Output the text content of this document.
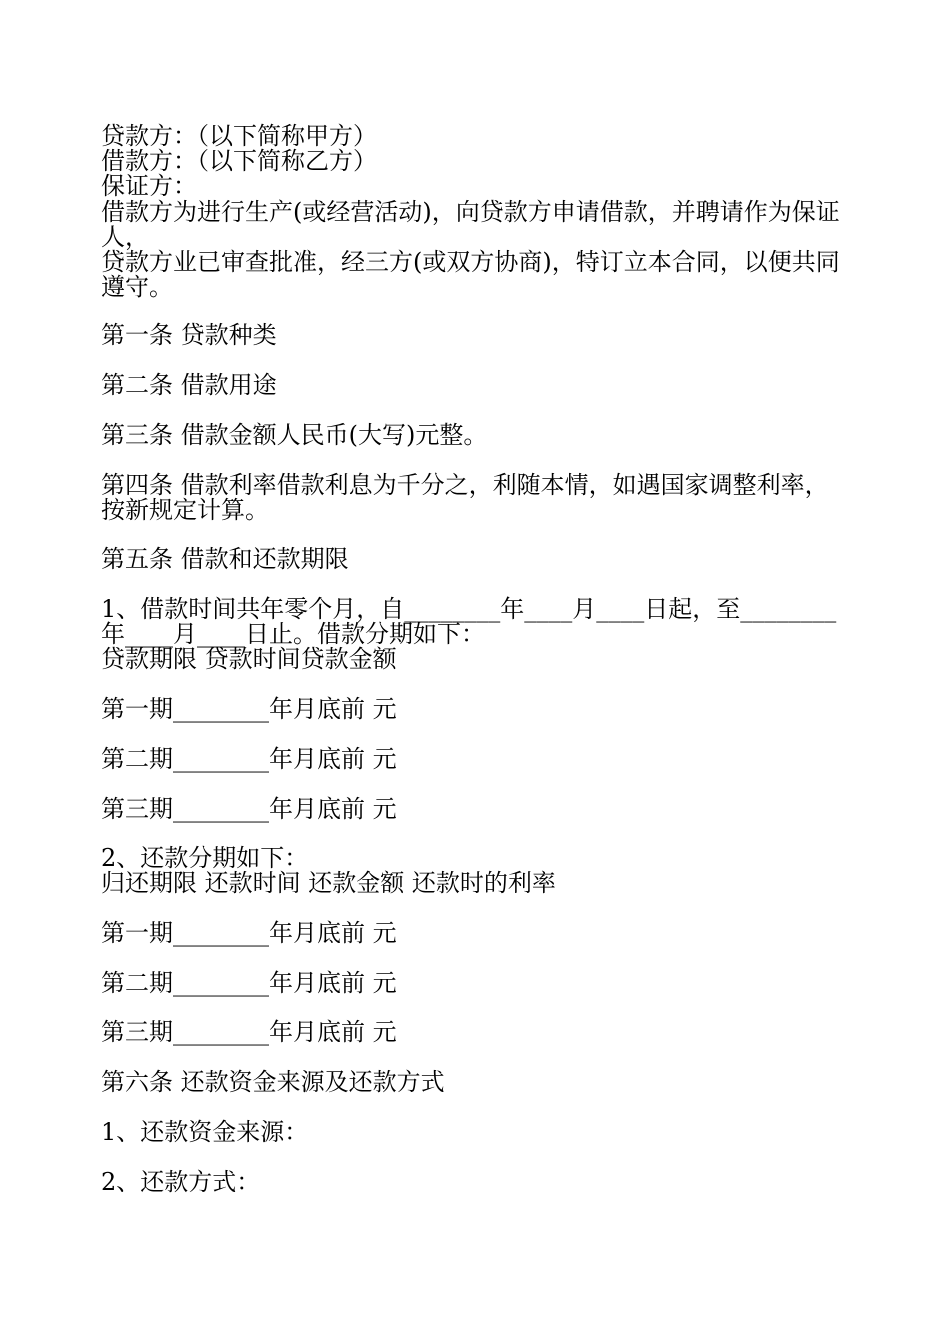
贷款方：（以下简称甲方）
借款方：（以下简称乙方）
保证方：
借款方为进行生产(或经营活动)，向贷款方申请借款，并聘请作为保证
人，
贷款方业已审查批准，经三方(或双方协商)，特订立本合同，以便共同
遵守。
第一条 贷款种类
第二条 借款用途
第三条 借款金额人民币(大写)元整。
第四条 借款利率借款利息为千分之，利随本情，如遇国家调整利率，
按新规定计算。
第五条 借款和还款期限
1、借款时间共年零个月，自________年____月____日起，至________
年____月____日止。借款分期如下：
贷款期限 贷款时间贷款金额
第一期________年月底前 元
第二期________年月底前 元
第三期________年月底前 元
2、还款分期如下：
归还期限 还款时间 还款金额 还款时的利率
第一期________年月底前 元
第二期________年月底前 元
第三期________年月底前 元
第六条 还款资金来源及还款方式
1、还款资金来源：
2、还款方式：
